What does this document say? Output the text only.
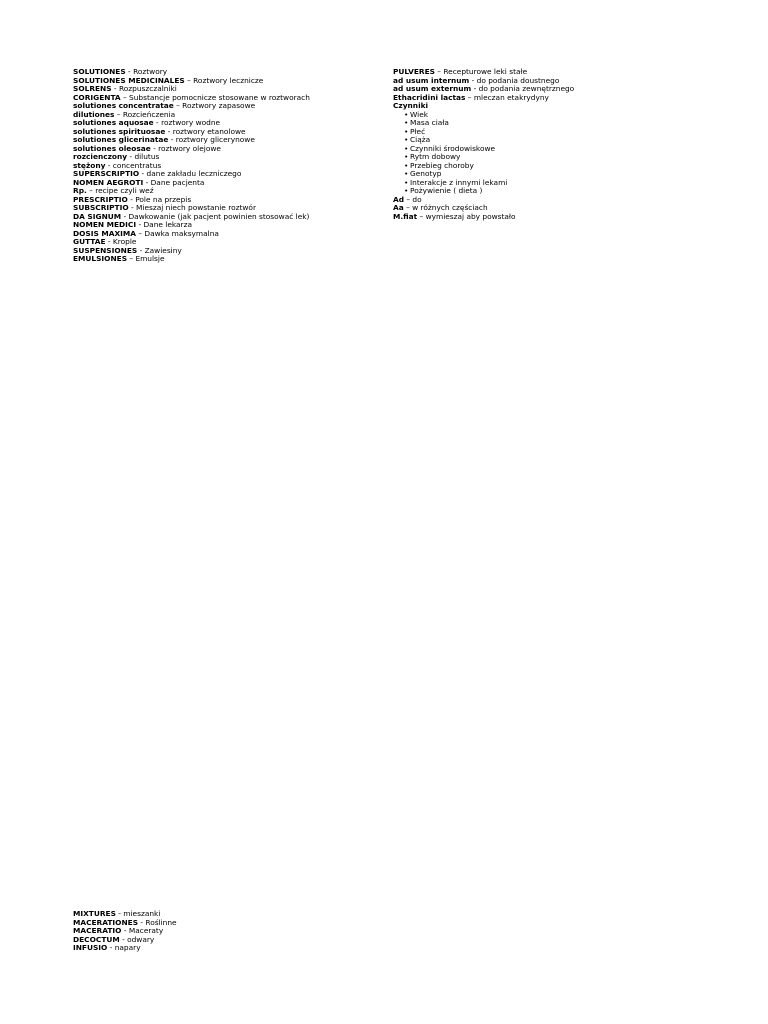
SOLUTIONES - Roztwory
SOLUTIONES MEDICINALES – Roztwory lecznicze
SOLRENS - Rozpuszczalniki
CORIGENTA – Substancje pomocnicze stosowane w roztworach
solutiones concentratae – Roztwory zapasowe
dilutiones – Rozcieńczenia
solutiones aquosae - roztwory wodne
solutiones spirituosae - roztwory etanolowe
solutiones glicerinatae - roztwory glicerynowe
solutiones oleosae - roztwory olejowe
rozcienczony - dilutus
stężony - concentratus
SUPERSCRIPTIO - dane zakładu leczniczego
NOMEN AEGROTI - Dane pacjenta
Rp. – recipe czyli weź
PRESCRIPTIO - Pole na przepis
SUBSCRIPTIO - Mieszaj niech powstanie roztwór
DA SIGNUM - Dawkowanie (jak pacjent powinien stosować lek)
NOMEN MEDICI - Dane lekarza
DOSIS MAXIMA – Dawka maksymalna
GUTTAE - Krople
SUSPENSIONES - Zawiesiny
EMULSIONES – Emulsje
PULVERES – Recepturowe leki stałe
ad usum internum - do podania doustnego
ad usum externum - do podania zewnętrznego
Ethacridini lactas – mleczan etakrydyny
Czynniki
• Wiek
• Masa ciała
• Płeć
• Ciąża
• Czynniki środowiskowe
• Rytm dobowy
• Przebieg choroby
• Genotyp
• Interakcje z innymi lekami
• Pożywienie ( dieta )
Ad – do
Aa – w różnych częściach
M.fiat – wymieszaj aby powstało
MIXTURES - mieszanki
MACERATIONES - Roślinne
MACERATIO - Maceraty
DECOCTUM - odwary
INFUSIO - napary
